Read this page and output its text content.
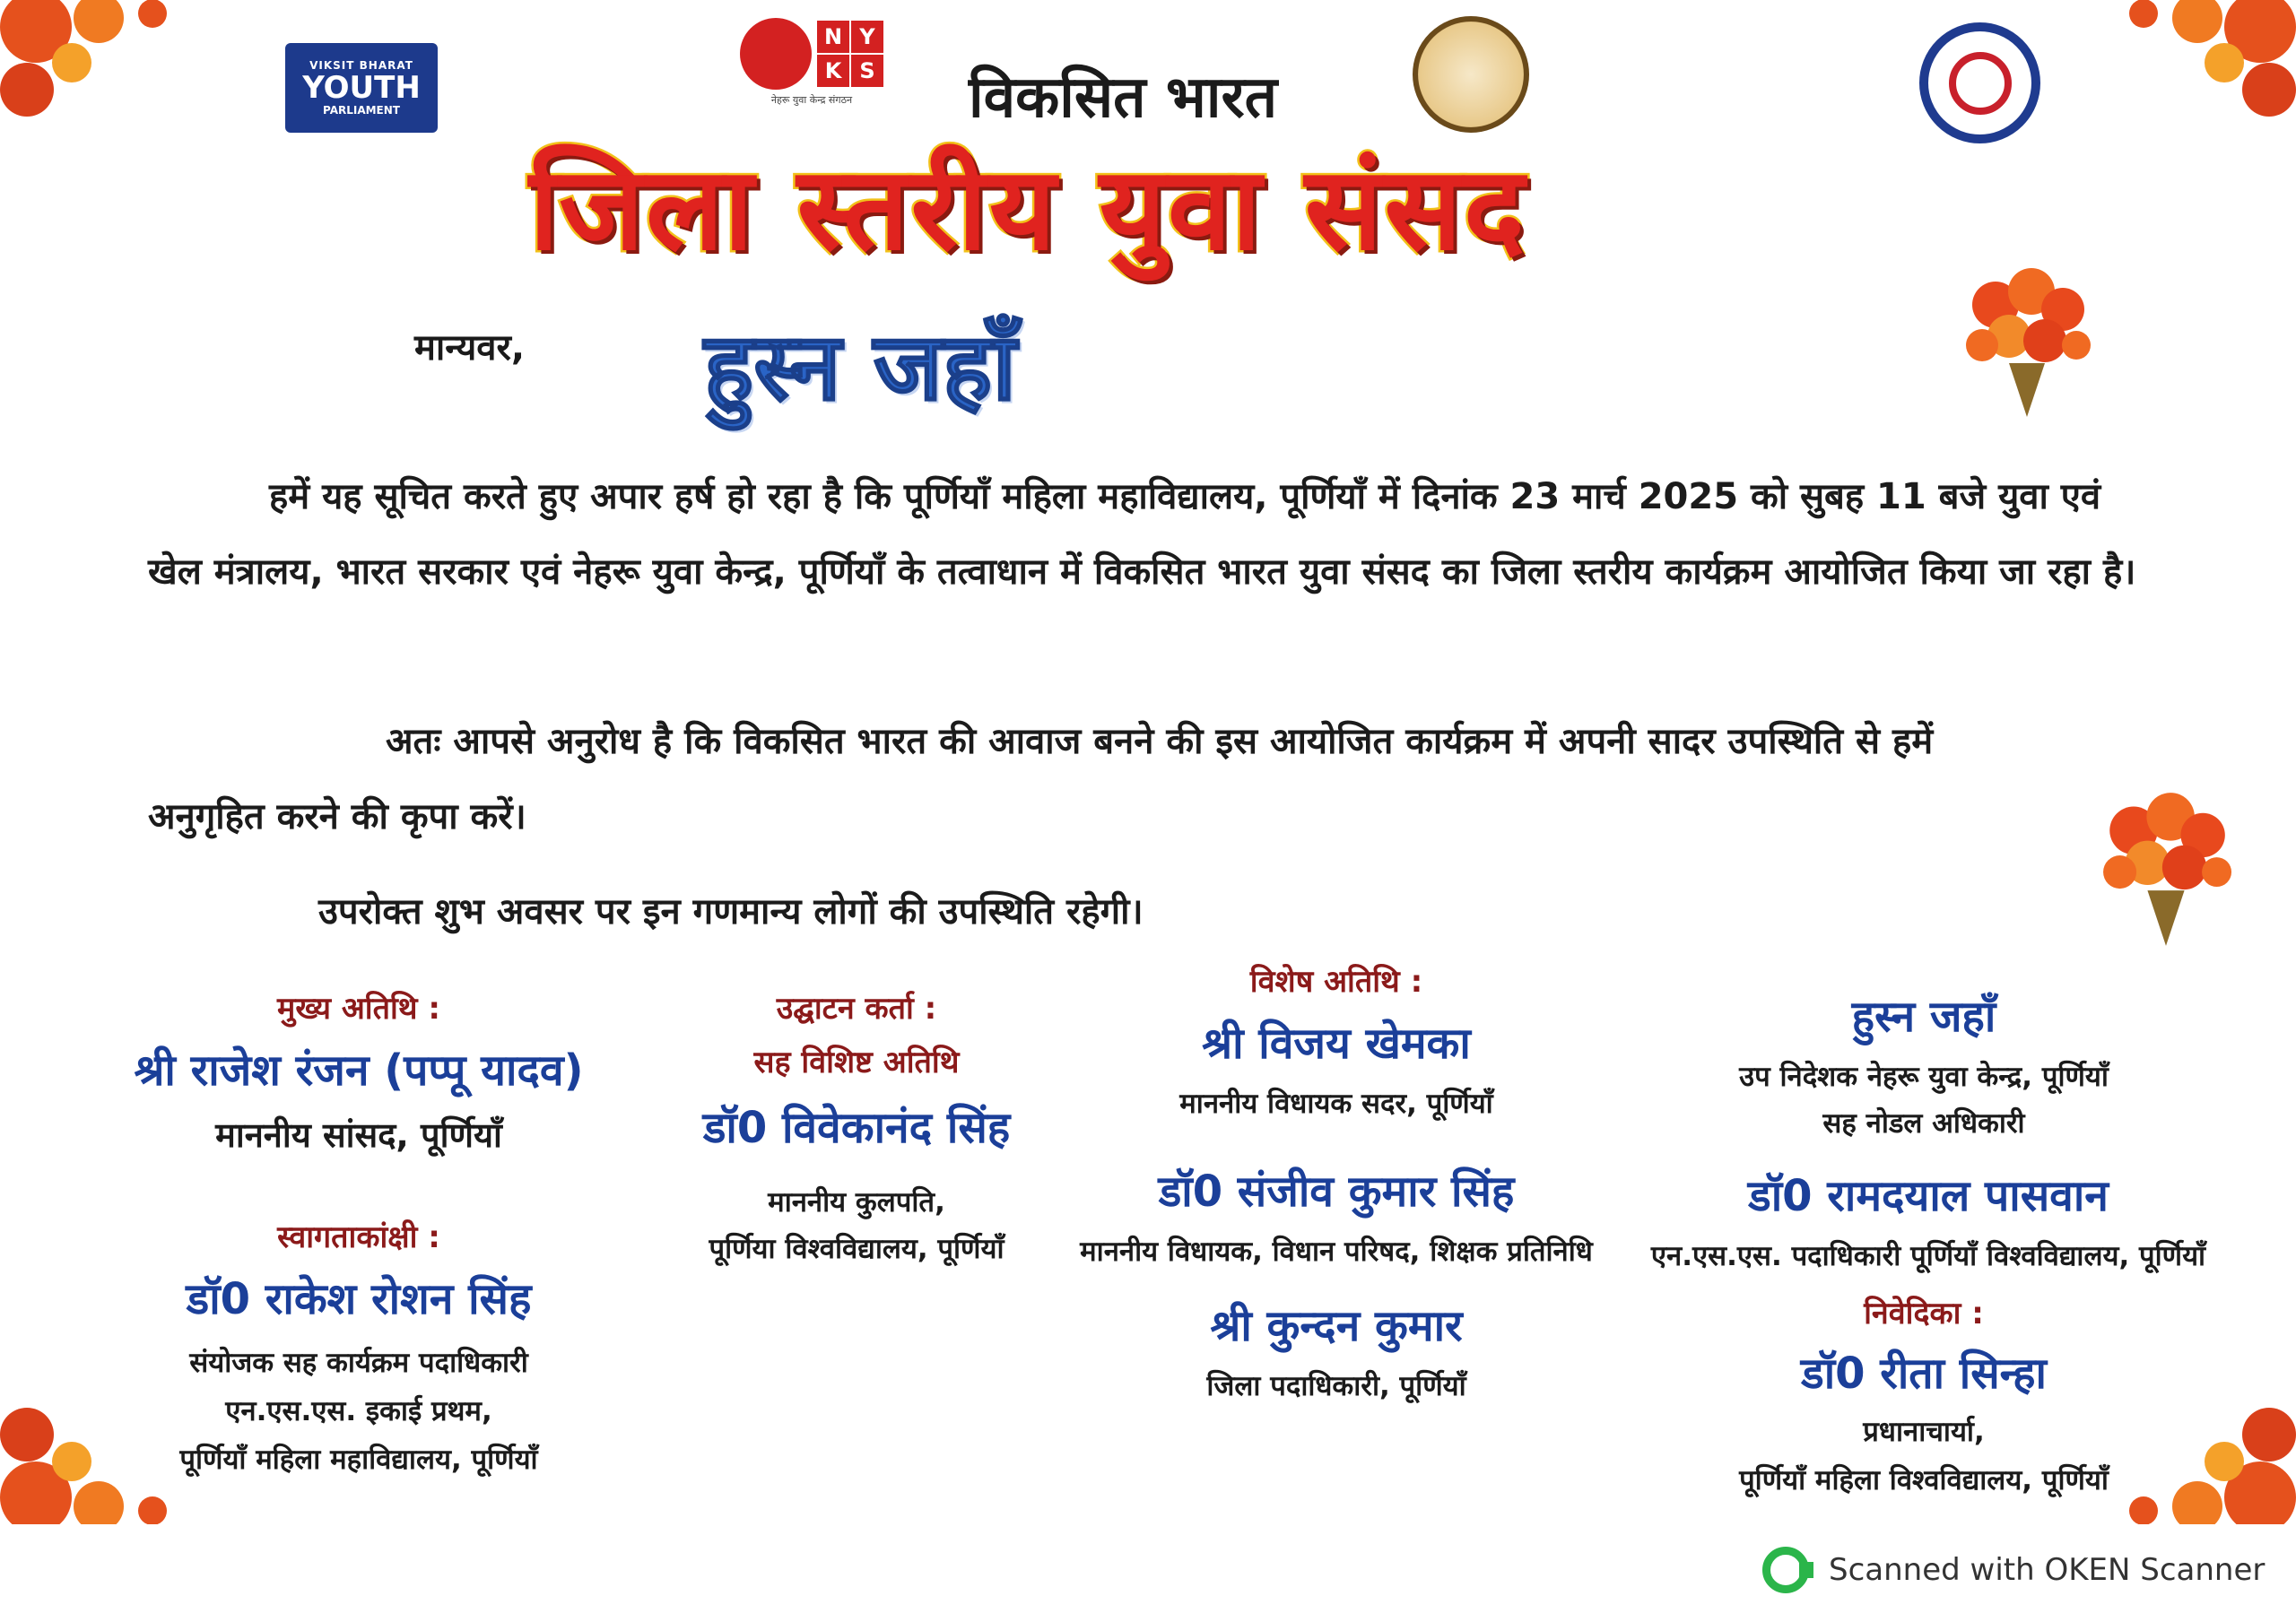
VIKSIT BHARAT
YOUTH
PARLIAMENT
N Y
K S
नेहरू युवा केन्द्र संगठन	विकसित भारत
जिला स्तरीय युवा संसद
मान्यवर, हुस्न जहाँ

हमें यह सूचित करते हुए अपार हर्ष हो रहा है कि पूर्णियाँ महिला महाविद्यालय, पूर्णियाँ में दिनांक 23 मार्च 2025 को सुबह 11 बजे युवा एवं खेल मंत्रालय, भारत सरकार एवं नेहरू युवा केन्द्र, पूर्णियाँ के तत्वाधान में विकसित भारत युवा संसद का जिला स्तरीय कार्यक्रम आयोजित किया जा रहा है।

अतः आपसे अनुरोध है कि विकसित भारत की आवाज बनने की इस आयोजित कार्यक्रम में अपनी सादर उपस्थिति से हमें अनुगृहित करने की कृपा करें।

उपरोक्त शुभ अवसर पर इन गणमान्य लोगों की उपस्थिति रहेगी।

मुख्य अतिथि :
श्री राजेश रंजन (पप्पू यादव)
माननीय सांसद, पूर्णियाँ
स्वागताकांक्षी :
डॉ0 राकेश रोशन सिंह
संयोजक सह कार्यक्रम पदाधिकारी
एन.एस.एस. इकाई प्रथम,
पूर्णियाँ महिला महाविद्यालय, पूर्णियाँ
उद्घाटन कर्ता :
सह विशिष्ट अतिथि
डॉ0 विवेकानंद सिंह
माननीय कुलपति,
पूर्णिया विश्वविद्यालय, पूर्णियाँ
विशेष अतिथि :
श्री विजय खेमका
माननीय विधायक सदर, पूर्णियाँ
डॉ0 संजीव कुमार सिंह
माननीय विधायक, विधान परिषद, शिक्षक प्रतिनिधि
श्री कुन्दन कुमार
जिला पदाधिकारी, पूर्णियाँ
हुस्न जहाँ
उप निदेशक नेहरू युवा केन्द्र, पूर्णियाँ
सह नोडल अधिकारी
डॉ0 रामदयाल पासवान
एन.एस.एस. पदाधिकारी पूर्णियाँ विश्वविद्यालय, पूर्णियाँ
निवेदिका :
डॉ0 रीता सिन्हा
प्रधानाचार्या,
पूर्णियाँ महिला विश्वविद्यालय, पूर्णियाँ
Scanned with OKEN Scanner
